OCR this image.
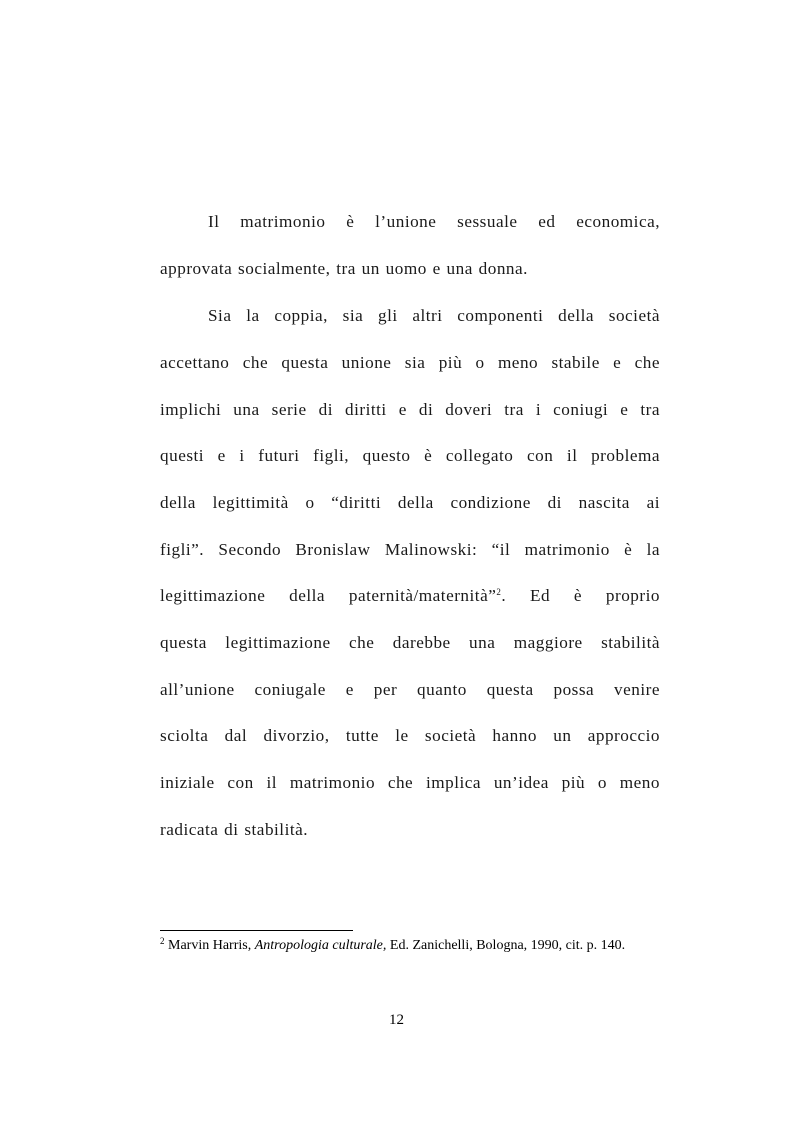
Il matrimonio è l’unione sessuale ed economica,
approvata socialmente, tra un uomo e una donna.
Sia la coppia, sia gli altri componenti della società
accettano che questa unione sia più o meno stabile e che
implichi una serie di diritti e di doveri tra i coniugi e tra
questi e i futuri figli, questo è collegato con il problema
della legittimità o “diritti della condizione di nascita ai
figli”. Secondo Bronislaw Malinowski: “il matrimonio è la
legittimazione della paternità/maternità”$^2$. Ed è proprio
questa legittimazione che darebbe una maggiore stabilità
all’unione coniugale e per quanto questa possa venire
sciolta dal divorzio, tutte le società hanno un approccio
iniziale con il matrimonio che implica un’idea più o meno
radicata di stabilità.
$^2$ Marvin Harris, Antropologia culturale, Ed. Zanichelli, Bologna, 1990, cit. p. 140.
12
